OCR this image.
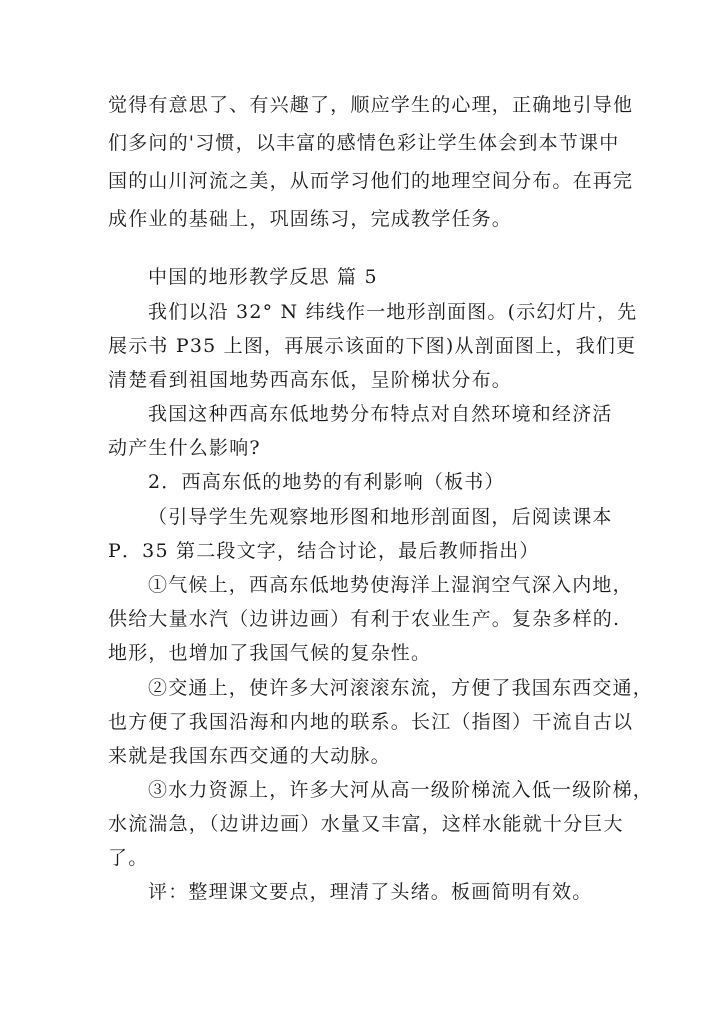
觉得有意思了、有兴趣了，顺应学生的心理，正确地引导他
们多问的'习惯，以丰富的感情色彩让学生体会到本节课中
国的山川河流之美，从而学习他们的地理空间分布。在再完
成作业的基础上，巩固练习，完成教学任务。
中国的地形教学反思 篇 5
我们以沿 32° N 纬线作一地形剖面图。(示幻灯片，先
展示书 P35 上图，再展示该面的下图)从剖面图上，我们更
清楚看到祖国地势西高东低，呈阶梯状分布。
我国这种西高东低地势分布特点对自然环境和经济活
动产生什么影响?
2．西高东低的地势的有利影响（板书）
（引导学生先观察地形图和地形剖面图，后阅读课本
P．35 第二段文字，结合讨论，最后教师指出）
①气候上，西高东低地势使海洋上湿润空气深入内地，
供给大量水汽（边讲边画）有利于农业生产。复杂多样的.
地形，也增加了我国气候的复杂性。
②交通上，使许多大河滚滚东流，方便了我国东西交通，
也方便了我国沿海和内地的联系。长江（指图）干流自古以
来就是我国东西交通的大动脉。
③水力资源上，许多大河从高一级阶梯流入低一级阶梯，
水流湍急，（边讲边画）水量又丰富，这样水能就十分巨大
了。
评：整理课文要点，理清了头绪。板画简明有效。
